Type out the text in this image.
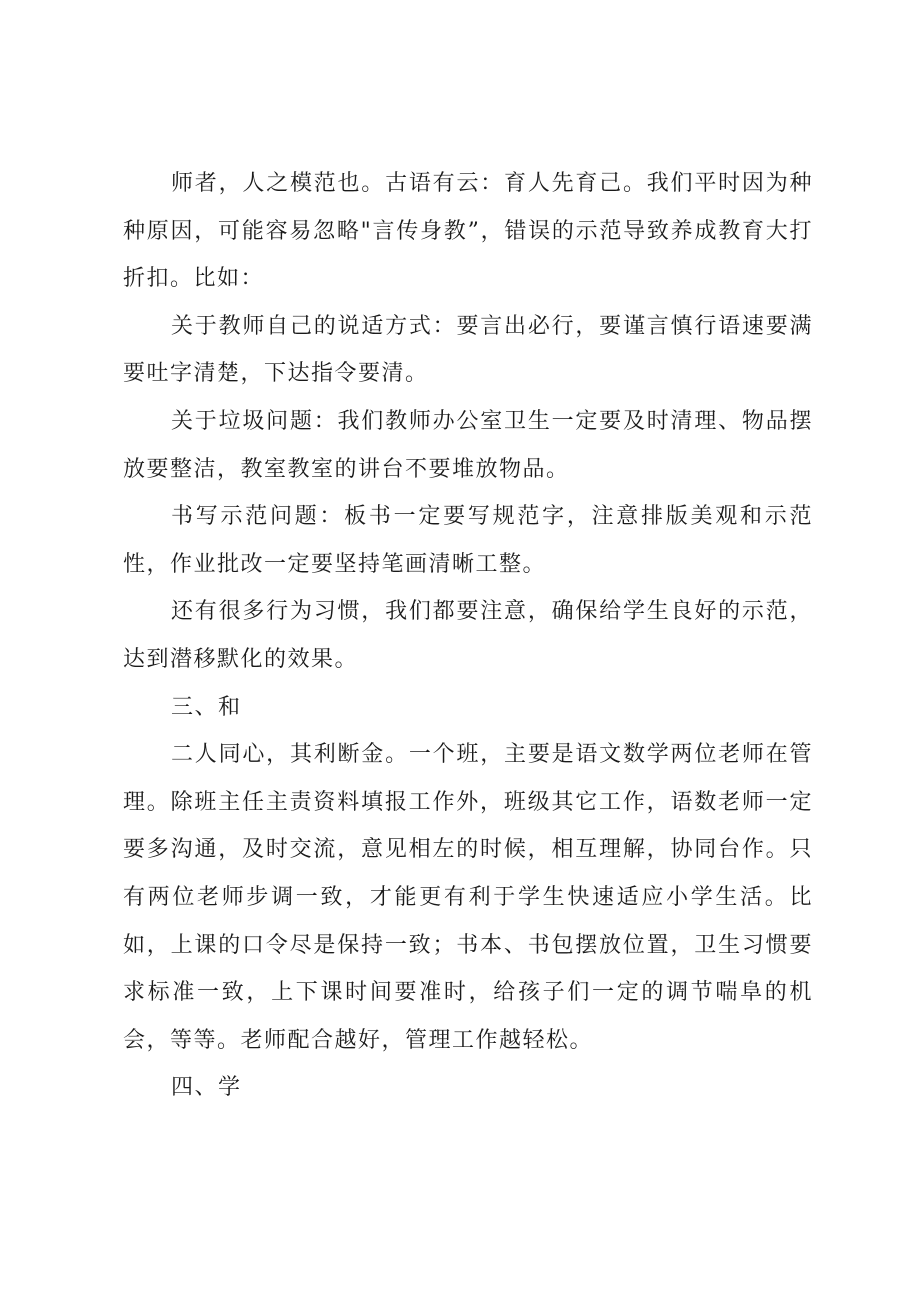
师者，人之模范也。古语有云：育人先育己。我们平时因为种种原因，可能容易忽略"言传身教”，错误的示范导致养成教育大打折扣。比如：

关于教师自己的说适方式：要言出必行，要谨言慎行语速要满要吐字清楚，下达指令要清。

关于垃圾问题：我们教师办公室卫生一定要及时清理、物品摆放要整洁，教室教室的讲台不要堆放物品。

书写示范问题：板书一定要写规范字，注意排版美观和示范性，作业批改一定要坚持笔画清晰工整。

还有很多行为习惯，我们都要注意，确保给学生良好的示范，达到潜移默化的效果。

三、和

二人同心，其利断金。一个班，主要是语文数学两位老师在管理。除班主任主责资料填报工作外，班级其它工作，语数老师一定要多沟通，及时交流，意见相左的时候，相互理解，协同台作。只有两位老师步调一致，才能更有利于学生快速适应小学生活。比如，上课的口令尽是保持一致；书本、书包摆放位置，卫生习惯要求标准一致，上下课时间要准时，给孩子们一定的调节喘阜的机会，等等。老师配合越好，管理工作越轻松。

四、学
